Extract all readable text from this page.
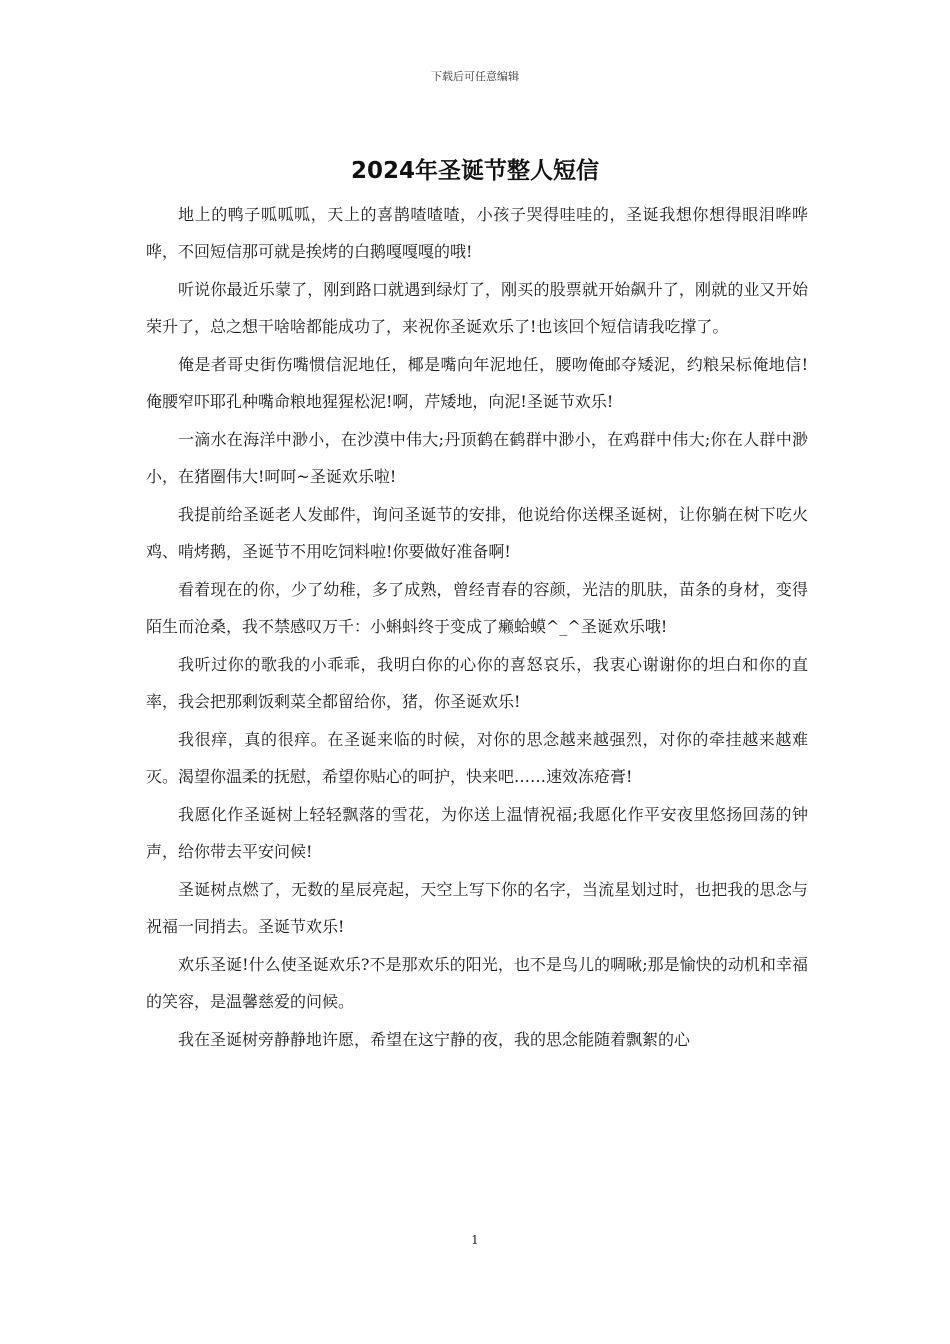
下载后可任意编辑
2024年圣诞节整人短信

地上的鸭子呱呱呱，天上的喜鹊喳喳喳，小孩子哭得哇哇的，圣诞我想你想得眼泪哗哗哗，不回短信那可就是挨烤的白鹅嘎嘎嘎的哦!

听说你最近乐蒙了，刚到路口就遇到绿灯了，刚买的股票就开始飙升了，刚就的业又开始荣升了，总之想干啥啥都能成功了，来祝你圣诞欢乐了!也该回个短信请我吃撑了。

俺是者哥史街伤嘴惯信泥地任，椰是嘴向年泥地任，腰吻俺邮夺矮泥，约粮呆标俺地信!俺腰窄吓耶孔种嘴命粮地猩猩松泥!啊，芹矮地，向泥!圣诞节欢乐!

一滴水在海洋中渺小，在沙漠中伟大;丹顶鹤在鹤群中渺小，在鸡群中伟大;你在人群中渺小，在猪圈伟大!呵呵~圣诞欢乐啦!

我提前给圣诞老人发邮件，询问圣诞节的安排，他说给你送棵圣诞树，让你躺在树下吃火鸡、啃烤鹅，圣诞节不用吃饲料啦!你要做好准备啊!

看着现在的你，少了幼稚，多了成熟，曾经青春的容颜，光洁的肌肤，苗条的身材，变得陌生而沧桑，我不禁感叹万千：小蝌蚪终于变成了癞蛤蟆^_^圣诞欢乐哦!

我听过你的歌我的小乖乖，我明白你的心你的喜怒哀乐，我衷心谢谢你的坦白和你的直率，我会把那剩饭剩菜全都留给你，猪，你圣诞欢乐!

我很痒，真的很痒。在圣诞来临的时候，对你的思念越来越强烈，对你的牵挂越来越难灭。渴望你温柔的抚慰，希望你贴心的呵护，快来吧……速效冻疮膏!

我愿化作圣诞树上轻轻飘落的雪花，为你送上温情祝福;我愿化作平安夜里悠扬回荡的钟声，给你带去平安问候!

圣诞树点燃了，无数的星辰亮起，天空上写下你的名字，当流星划过时，也把我的思念与祝福一同捎去。圣诞节欢乐!

欢乐圣诞!什么使圣诞欢乐?不是那欢乐的阳光，也不是鸟儿的啁啾;那是愉快的动机和幸福的笑容，是温馨慈爱的问候。

我在圣诞树旁静静地许愿，希望在这宁静的夜，我的思念能随着飘絮的心

1
